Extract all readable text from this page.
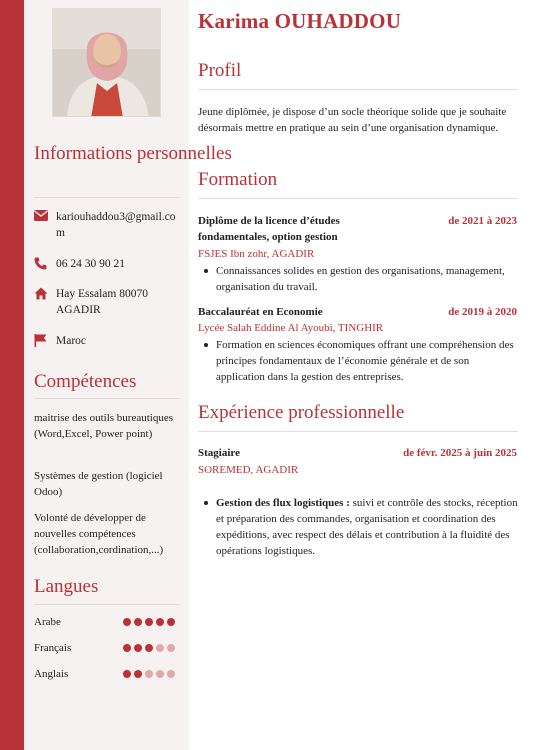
Informations personnelles
kariouhaddou3@gmail.com
06 24 30 90 21
Hay Essalam 80070 AGADIR
Maroc
Compétences
maitrise des outils bureautiques (Word,Excel, Power point)
Systèmes de gestion (logiciel Odoo)
Volonté de développer de nouvelles compétences (collaboration,cordination,...)
Langues
Arabe
Français
Anglais
Karima OUHADDOU
Profil
Jeune diplômée, je dispose d’un socle théorique solide que je souhaite désormais mettre en pratique au sein d’une organisation dynamique.
Formation
Diplôme de la licence d’études fondamentales, option gestion
de 2021 à 2023
FSJES Ibn zohr, AGADIR
Connaissances solides en gestion des organisations, management, organisation du travail.
Baccalauréat en Economie	de 2019 à 2020
Lycée Salah Eddine Al Ayoubi, TINGHIR
Formation en sciences économiques offrant une compréhension des principes fondamentaux de l’économie générale et de son application dans la gestion des entreprises.
Expérience professionnelle
Stagiaire	de févr. 2025 à juin 2025
SOREMED, AGADIR
Gestion des flux logistiques : suivi et contrôle des stocks, réception et préparation des commandes, organisation et coordination des expéditions, avec respect des délais et contribution à la fluidité des opérations logistiques.
